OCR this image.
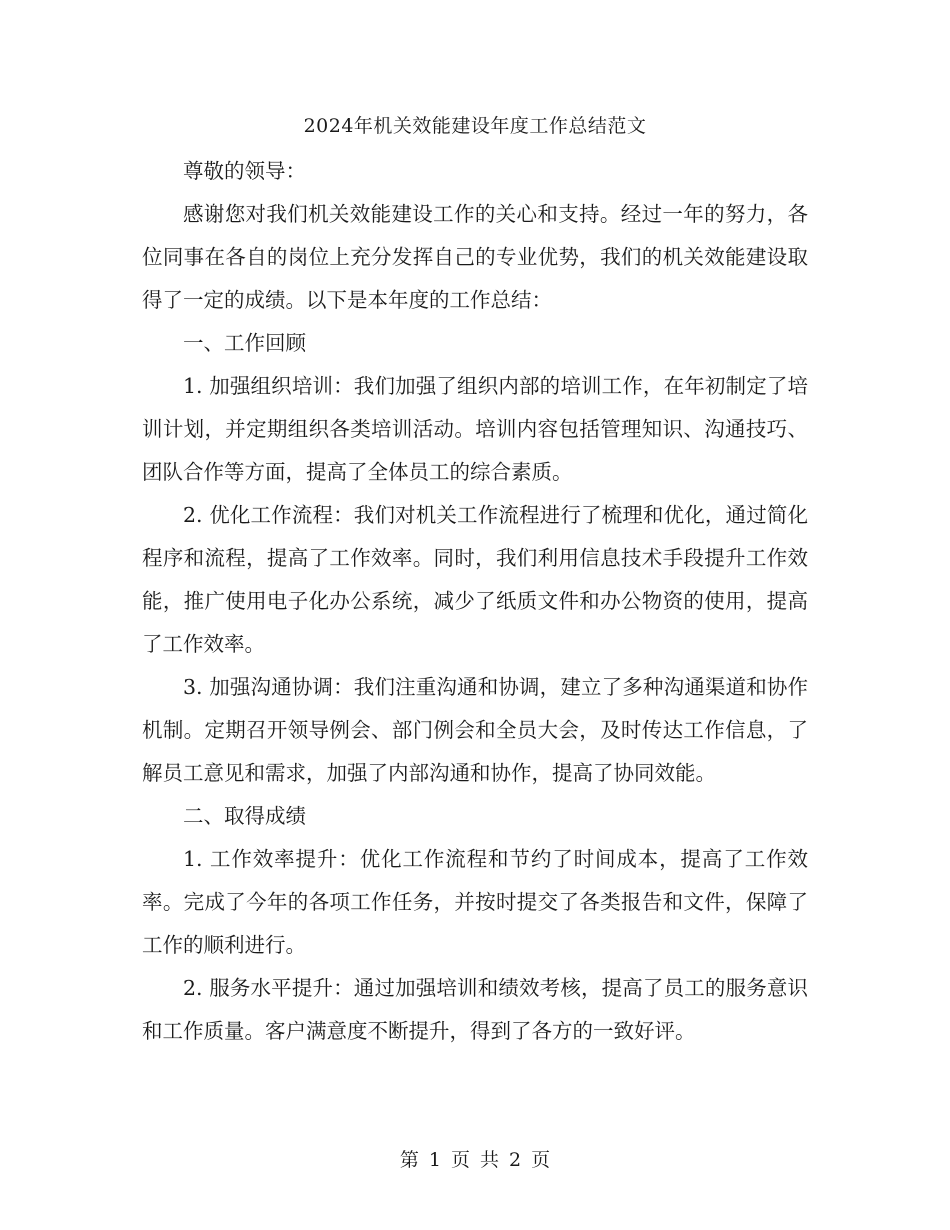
2024年机关效能建设年度工作总结范文

尊敬的领导：

感谢您对我们机关效能建设工作的关心和支持。经过一年的努力，各位同事在各自的岗位上充分发挥自己的专业优势，我们的机关效能建设取得了一定的成绩。以下是本年度的工作总结：

一、工作回顾

1. 加强组织培训：我们加强了组织内部的培训工作，在年初制定了培训计划，并定期组织各类培训活动。培训内容包括管理知识、沟通技巧、团队合作等方面，提高了全体员工的综合素质。

2. 优化工作流程：我们对机关工作流程进行了梳理和优化，通过简化程序和流程，提高了工作效率。同时，我们利用信息技术手段提升工作效能，推广使用电子化办公系统，减少了纸质文件和办公物资的使用，提高了工作效率。

3. 加强沟通协调：我们注重沟通和协调，建立了多种沟通渠道和协作机制。定期召开领导例会、部门例会和全员大会，及时传达工作信息，了解员工意见和需求，加强了内部沟通和协作，提高了协同效能。

二、取得成绩

1. 工作效率提升：优化工作流程和节约了时间成本，提高了工作效率。完成了今年的各项工作任务，并按时提交了各类报告和文件，保障了工作的顺利进行。

2. 服务水平提升：通过加强培训和绩效考核，提高了员工的服务意识和工作质量。客户满意度不断提升，得到了各方的一致好评。

第 1 页 共 2 页
